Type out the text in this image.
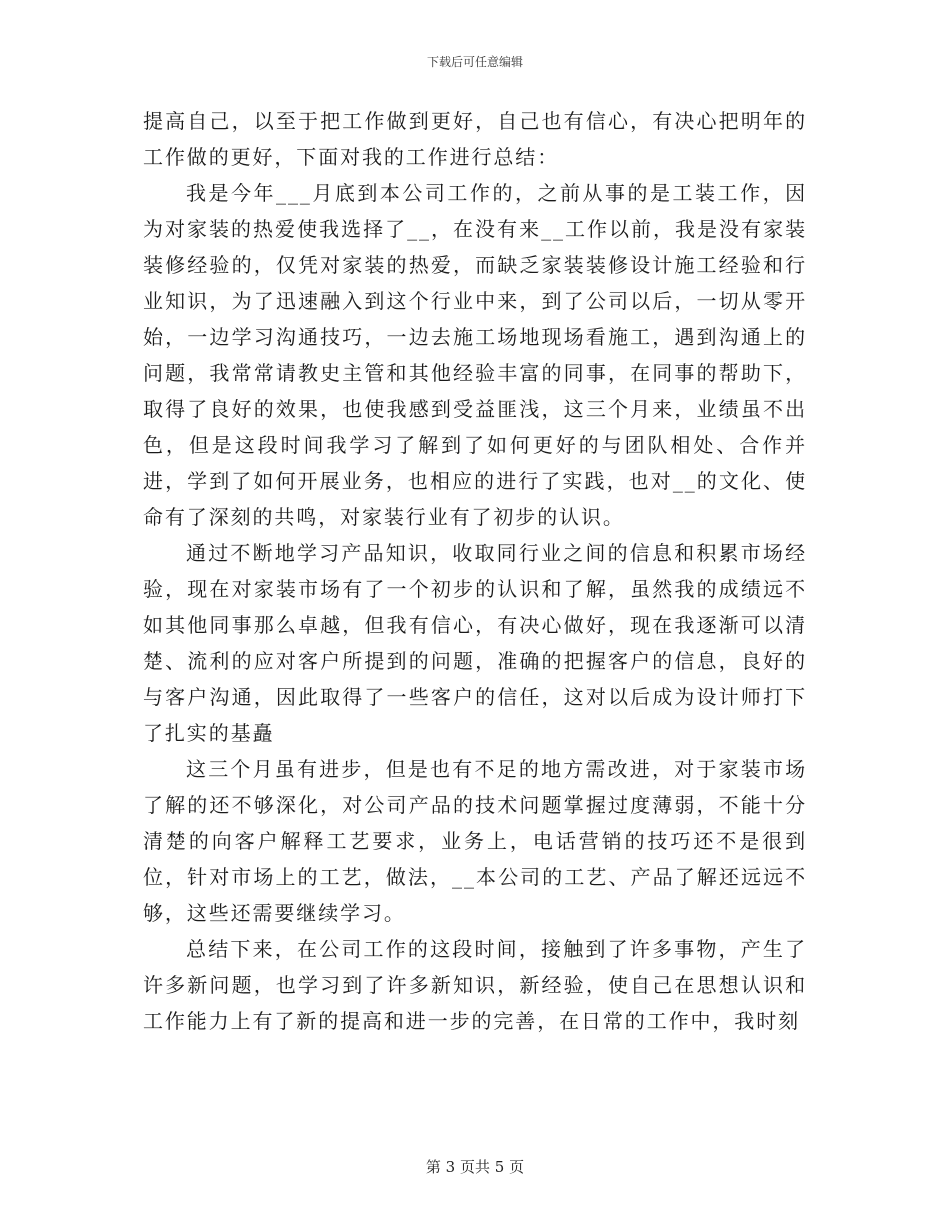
下载后可任意编辑

提高自己，以至于把工作做到更好，自己也有信心，有决心把明年的工作做的更好，下面对我的工作进行总结：

我是今年___月底到本公司工作的，之前从事的是工装工作，因为对家装的热爱使我选择了__，在没有来__工作以前，我是没有家装装修经验的，仅凭对家装的热爱，而缺乏家装装修设计施工经验和行业知识，为了迅速融入到这个行业中来，到了公司以后，一切从零开始，一边学习沟通技巧，一边去施工场地现场看施工，遇到沟通上的问题，我常常请教史主管和其他经验丰富的同事，在同事的帮助下，取得了良好的效果，也使我感到受益匪浅，这三个月来，业绩虽不出色，但是这段时间我学习了解到了如何更好的与团队相处、合作并进，学到了如何开展业务，也相应的进行了实践，也对__的文化、使命有了深刻的共鸣，对家装行业有了初步的认识。

通过不断地学习产品知识，收取同行业之间的信息和积累市场经验，现在对家装市场有了一个初步的认识和了解，虽然我的成绩远不如其他同事那么卓越，但我有信心，有决心做好，现在我逐渐可以清楚、流利的应对客户所提到的问题，准确的把握客户的信息，良好的与客户沟通，因此取得了一些客户的信任，这对以后成为设计师打下了扎实的基矗

这三个月虽有进步，但是也有不足的地方需改进，对于家装市场了解的还不够深化，对公司产品的技术问题掌握过度薄弱，不能十分清楚的向客户解释工艺要求，业务上，电话营销的技巧还不是很到位，针对市场上的工艺，做法，__本公司的工艺、产品了解还远远不够，这些还需要继续学习。

总结下来，在公司工作的这段时间，接触到了许多事物，产生了许多新问题，也学习到了许多新知识，新经验，使自己在思想认识和工作能力上有了新的提高和进一步的完善，在日常的工作中，我时刻

第 3 页共 5 页
